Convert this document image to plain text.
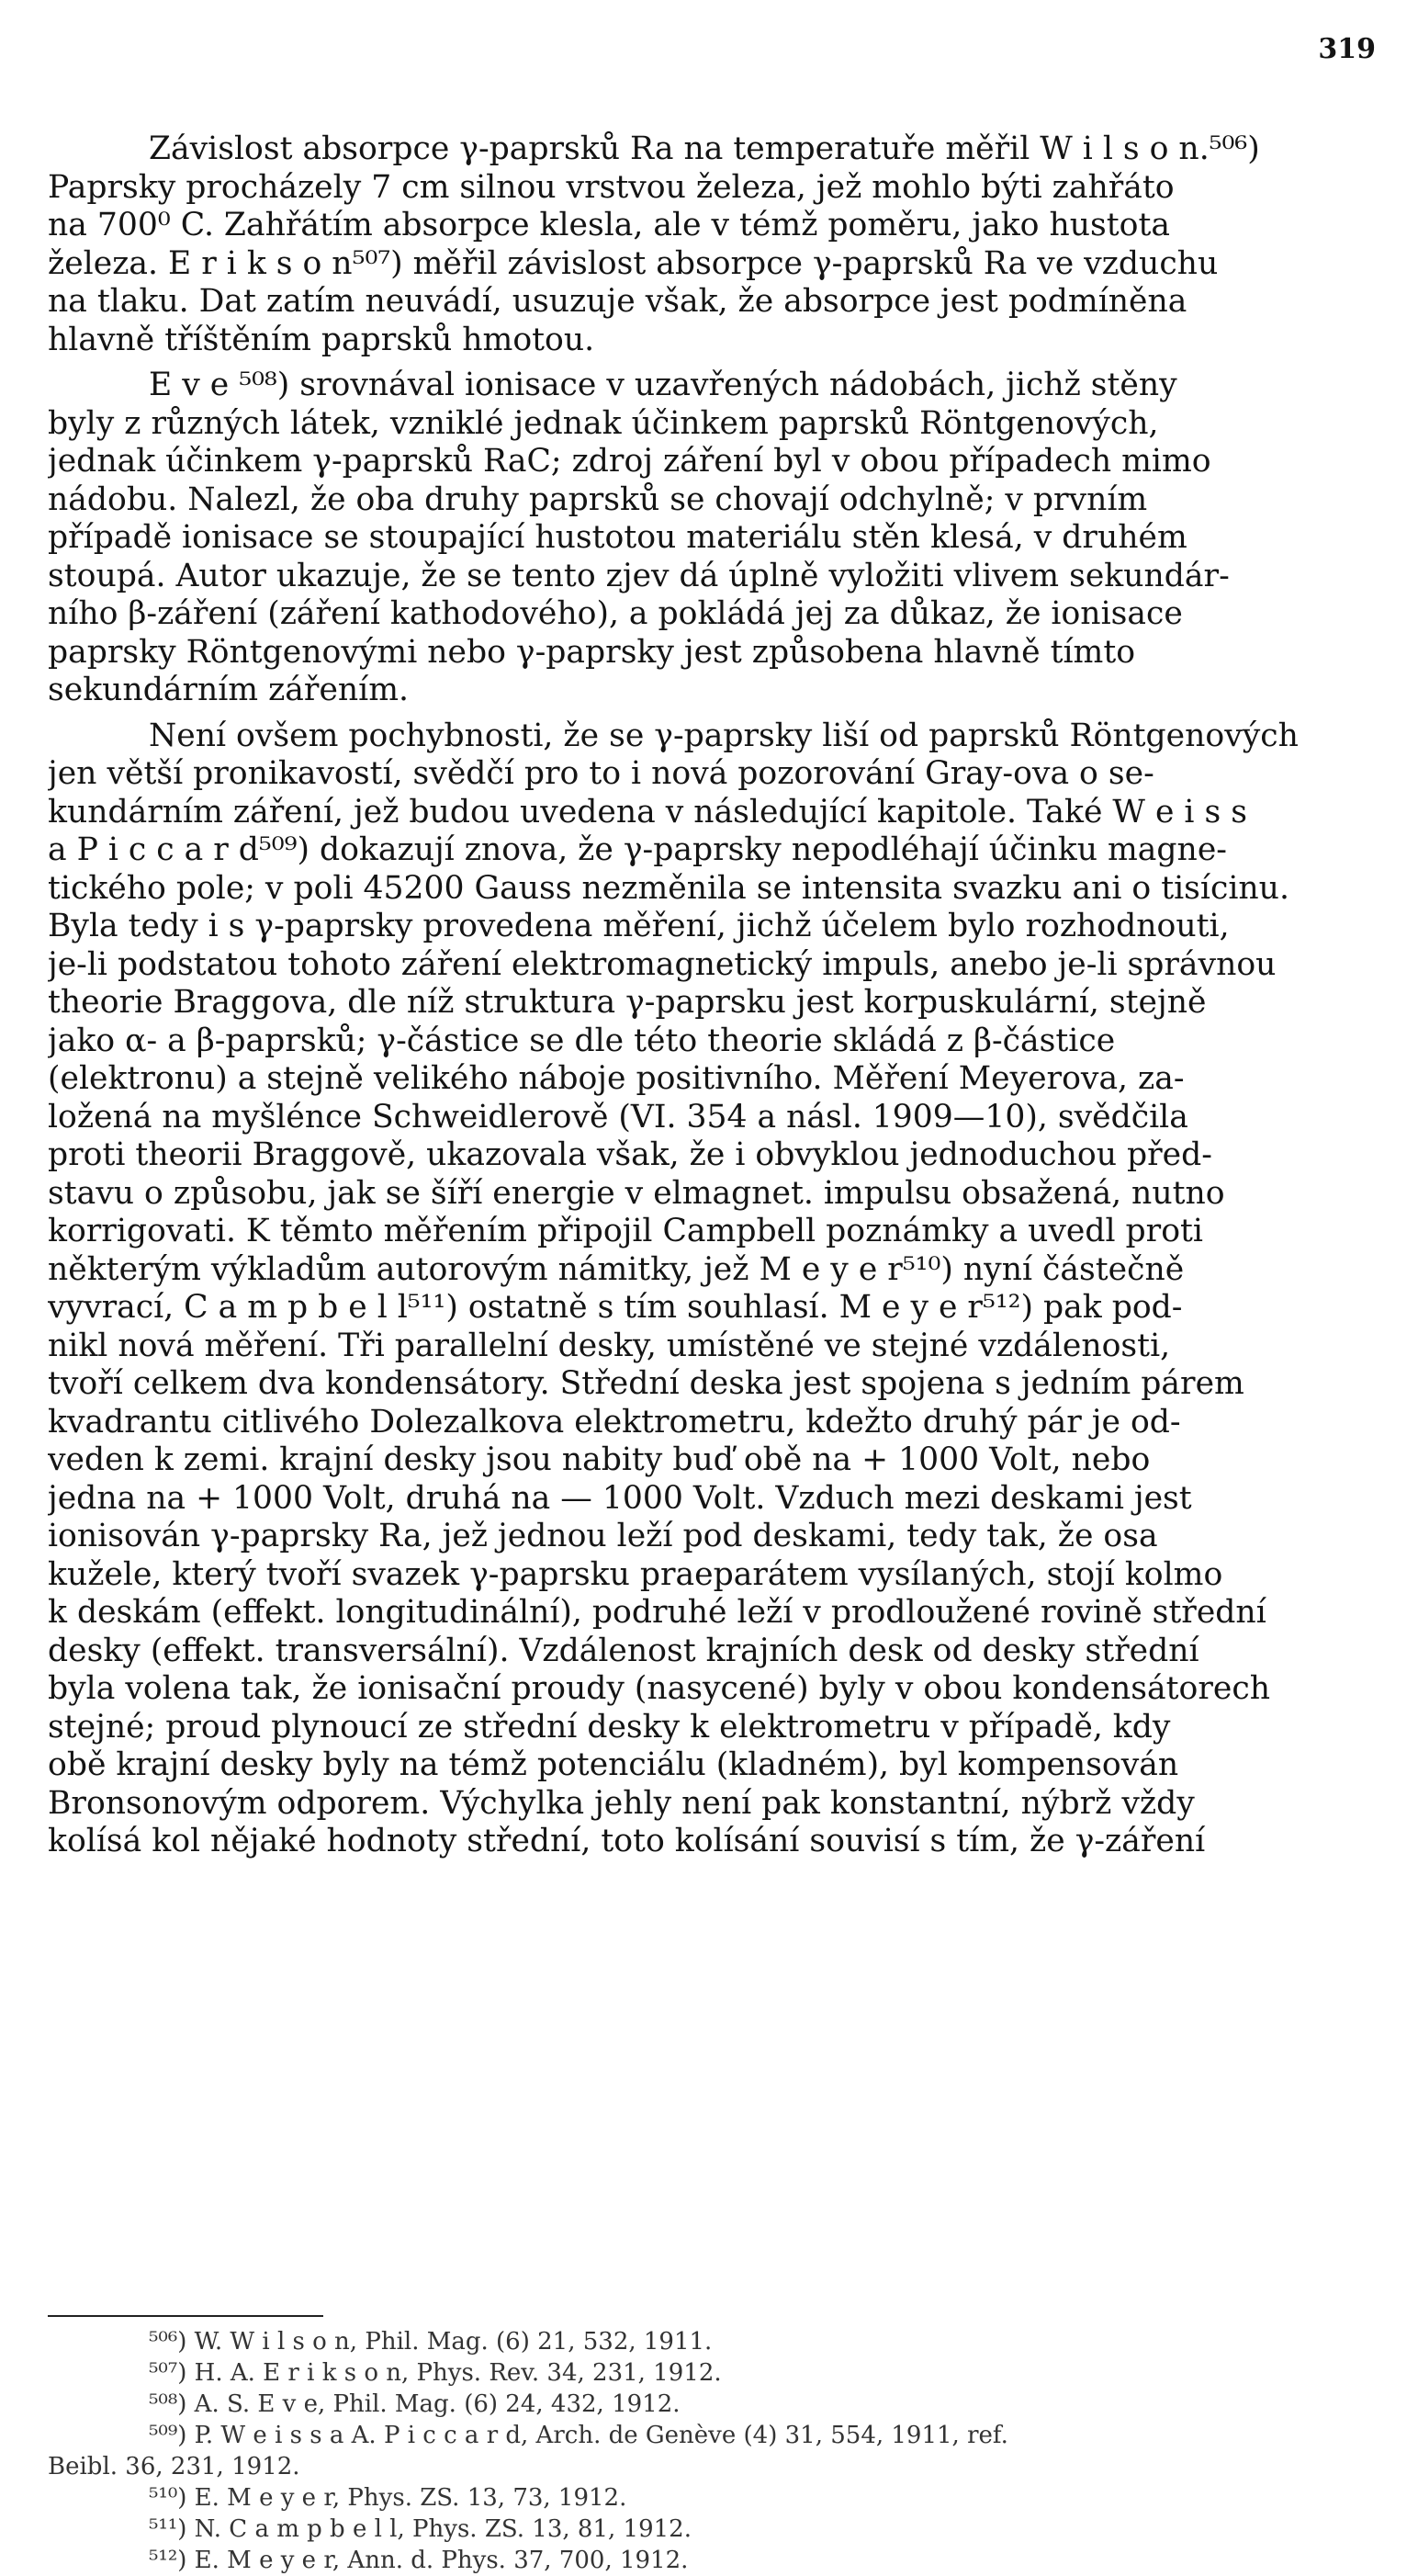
319
Závislost absorpce γ-paprsků Ra na temperatuře měřil W i l s o n.⁵⁰⁶)
Paprsky procházely 7 cm silnou vrstvou železa, jež mohlo býti zahřáto
na 700⁰ C. Zahřátím absorpce klesla, ale v témž poměru, jako hustota
železa. E r i k s o n⁵⁰⁷) měřil závislost absorpce γ-paprsků Ra ve vzduchu
na tlaku. Dat zatím neuvádí, usuzuje však, že absorpce jest podmíněna
hlavně tříštěním paprsků hmotou.
E v e ⁵⁰⁸) srovnával ionisace v uzavřených nádobách, jichž stěny
byly z různých látek, vzniklé jednak účinkem paprsků Röntgenových,
jednak účinkem γ-paprsků RaC; zdroj záření byl v obou případech mimo
nádobu. Nalezl, že oba druhy paprsků se chovají odchylně; v prvním
případě ionisace se stoupající hustotou materiálu stěn klesá, v druhém
stoupá. Autor ukazuje, že se tento zjev dá úplně vyložiti vlivem sekundár-
ního β-záření (záření kathodového), a pokládá jej za důkaz, že ionisace
paprsky Röntgenovými nebo γ-paprsky jest způsobena hlavně tímto
sekundárním zářením.
Není ovšem pochybnosti, že se γ-paprsky liší od paprsků Röntgenových
jen větší pronikavostí, svědčí pro to i nová pozorování Gray-ova o se-
kundárním záření, jež budou uvedena v následující kapitole. Také W e i s s
a P i c c a r d⁵⁰⁹) dokazují znova, že γ-paprsky nepodléhají účinku magne-
tického pole; v poli 45200 Gauss nezměnila se intensita svazku ani o tisícinu.
Byla tedy i s γ-paprsky provedena měření, jichž účelem bylo rozhodnouti,
je-li podstatou tohoto záření elektromagnetický impuls, anebo je-li správnou
theorie Braggova, dle níž struktura γ-paprsku jest korpuskulární, stejně
jako α- a β-paprsků; γ-částice se dle této theorie skládá z β-částice
(elektronu) a stejně velikého náboje positivního. Měření Meyerova, za-
ložená na myšlénce Schweidlerově (VI. 354 a násl. 1909—10), svědčila
proti theorii Braggově, ukazovala však, že i obvyklou jednoduchou před-
stavu o způsobu, jak se šíří energie v elmagnet. impulsu obsažená, nutno
korrigovati. K těmto měřením připojil Campbell poznámky a uvedl proti
některým výkladům autorovým námitky, jež M e y e r⁵¹⁰) nyní částečně
vyvrací, C a m p b e l l⁵¹¹) ostatně s tím souhlasí. M e y e r⁵¹²) pak pod-
nikl nová měření. Tři parallelní desky, umístěné ve stejné vzdálenosti,
tvoří celkem dva kondensátory. Střední deska jest spojena s jedním párem
kvadrantu citlivého Dolezalkova elektrometru, kdežto druhý pár je od-
veden k zemi. krajní desky jsou nabity buď obě na + 1000 Volt, nebo
jedna na + 1000 Volt, druhá na — 1000 Volt. Vzduch mezi deskami jest
ionisován γ-paprsky Ra, jež jednou leží pod deskami, tedy tak, že osa
kužele, který tvoří svazek γ-paprsku praeparátem vysílaných, stojí kolmo
k deskám (effekt. longitudinální), podruhé leží v prodloužené rovině střední
desky (effekt. transversální). Vzdálenost krajních desk od desky střední
byla volena tak, že ionisační proudy (nasycené) byly v obou kondensátorech
stejné; proud plynoucí ze střední desky k elektrometru v případě, kdy
obě krajní desky byly na témž potenciálu (kladném), byl kompensován
Bronsonovým odporem. Výchylka jehly není pak konstantní, nýbrž vždy
kolísá kol nějaké hodnoty střední, toto kolísání souvisí s tím, že γ-záření
⁵⁰⁶) W. W i l s o n, Phil. Mag. (6) 21, 532, 1911.
⁵⁰⁷) H. A. E r i k s o n, Phys. Rev. 34, 231, 1912.
⁵⁰⁸) A. S. E v e, Phil. Mag. (6) 24, 432, 1912.
⁵⁰⁹) P. W e i s s a A. P i c c a r d, Arch. de Genève (4) 31, 554, 1911, ref.
Beibl. 36, 231, 1912.
⁵¹⁰) E. M e y e r, Phys. ZS. 13, 73, 1912.
⁵¹¹) N. C a m p b e l l, Phys. ZS. 13, 81, 1912.
⁵¹²) E. M e y e r, Ann. d. Phys. 37, 700, 1912.
